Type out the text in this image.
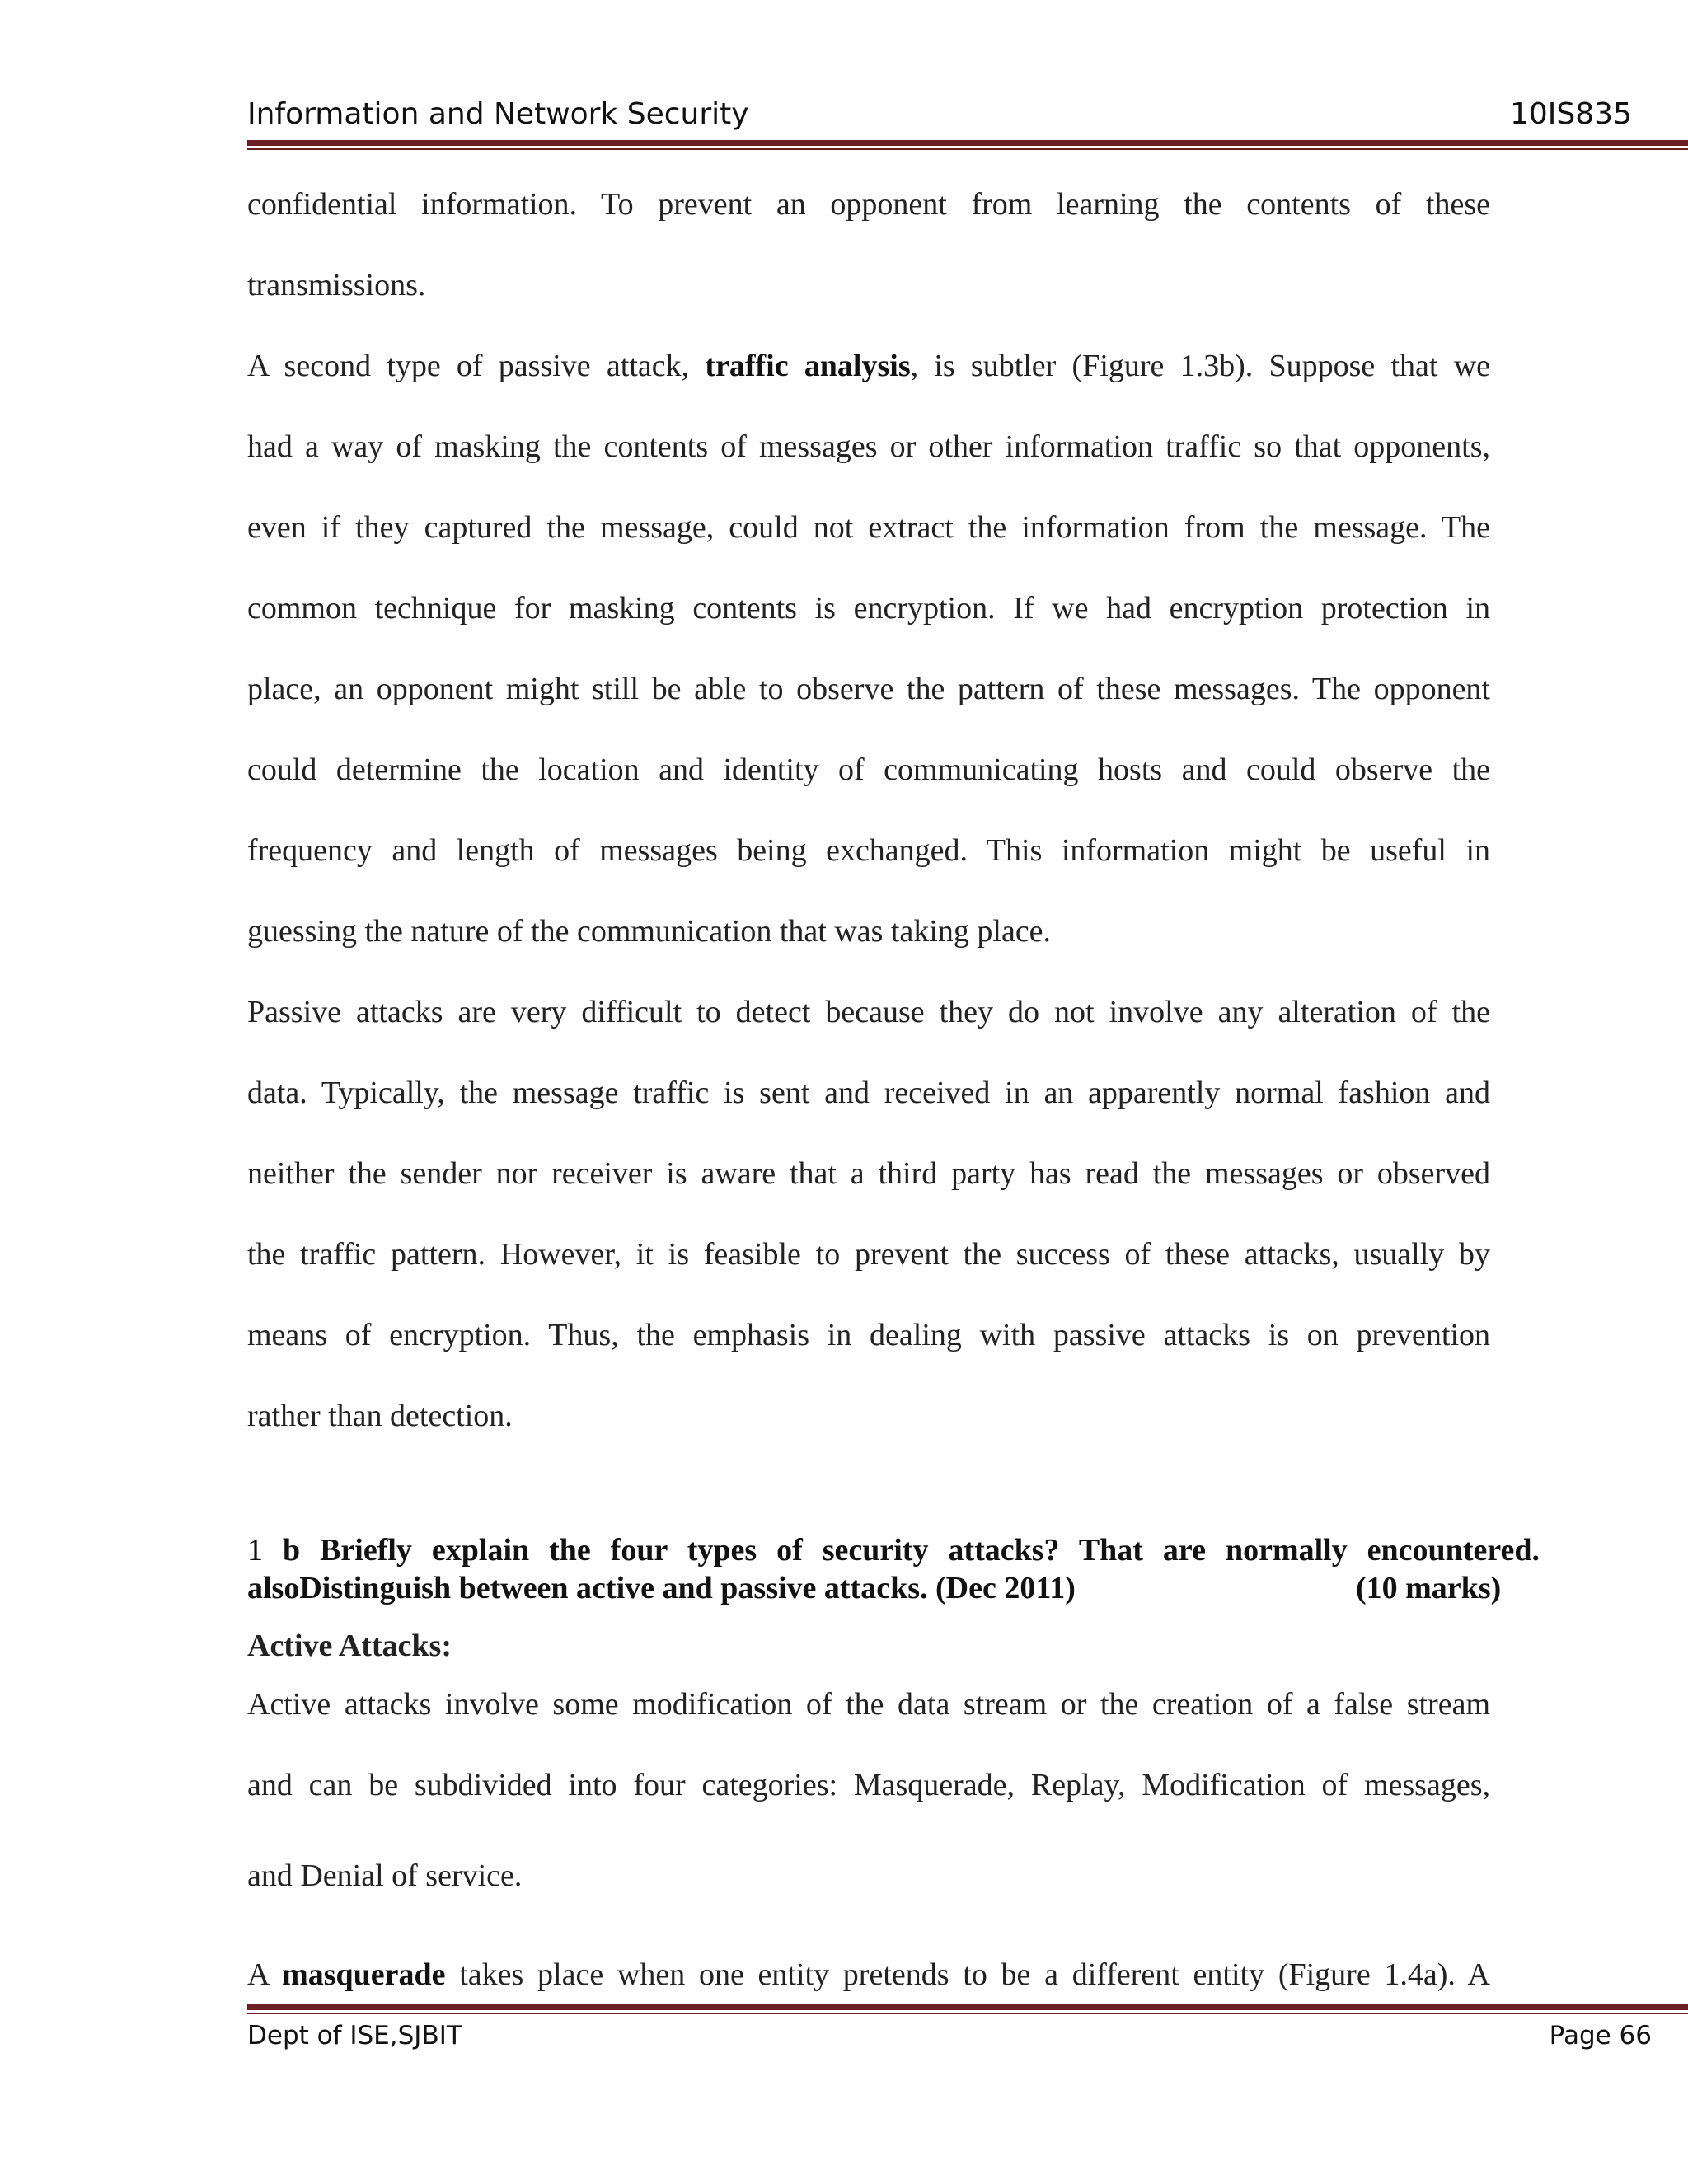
Information and Network Security	10IS835
confidential information. To prevent an opponent from learning the contents of these
transmissions.
A second type of passive attack, traffic analysis, is subtler (Figure 1.3b). Suppose that we
had a way of masking the contents of messages or other information traffic so that opponents,
even if they captured the message, could not extract the information from the message. The
common technique for masking contents is encryption. If we had encryption protection in
place, an opponent might still be able to observe the pattern of these messages. The opponent
could determine the location and identity of communicating hosts and could observe the
frequency and length of messages being exchanged. This information might be useful in
guessing the nature of the communication that was taking place.
Passive attacks are very difficult to detect because they do not involve any alteration of the
data. Typically, the message traffic is sent and received in an apparently normal fashion and
neither the sender nor receiver is aware that a third party has read the messages or observed
the traffic pattern. However, it is feasible to prevent the success of these attacks, usually by
means of encryption. Thus, the emphasis in dealing with passive attacks is on prevention
rather than detection.
1 b Briefly explain the four types of security attacks? That are normally encountered.
alsoDistinguish between active and passive attacks. (Dec 2011)	(10 marks)
Active Attacks:
Active attacks involve some modification of the data stream or the creation of a false stream
and can be subdivided into four categories: Masquerade, Replay, Modification of messages,
and Denial of service.
A masquerade takes place when one entity pretends to be a different entity (Figure 1.4a). A
Dept of ISE,SJBIT	Page 66
